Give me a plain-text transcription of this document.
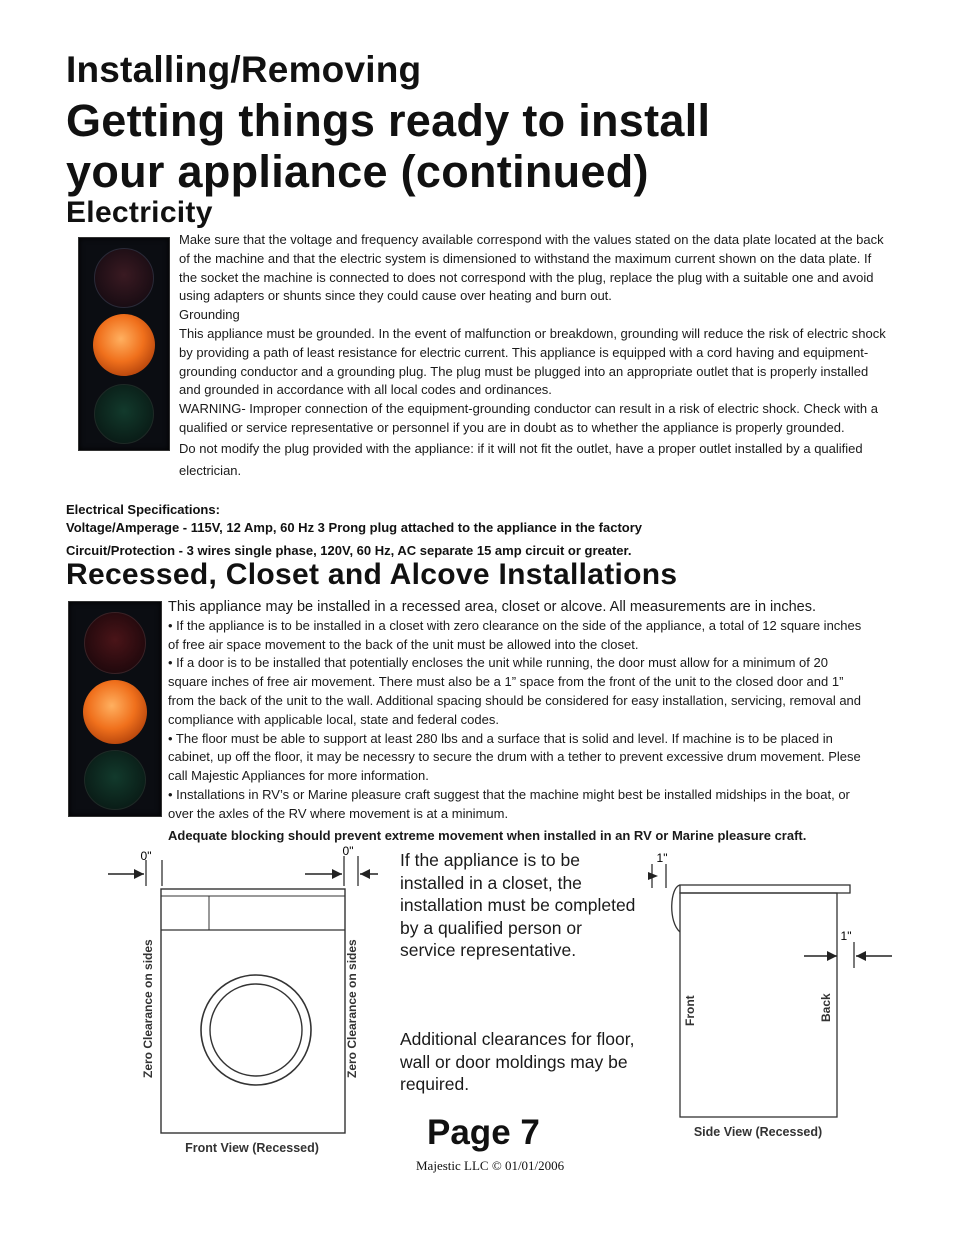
Installing/Removing
Getting things ready to install
your appliance (continued)
Electricity

Make sure that the voltage and frequency available correspond with the values stated on the data plate located at the back of the machine and that the electric system is dimensioned to withstand the maximum current shown on the data plate. If the socket the machine is connected to does not correspond with the plug, replace the plug with a suitable one and avoid using adapters or shunts since they could cause over heating and burn out.

Grounding

This appliance must be grounded. In the event of malfunction or breakdown, grounding will reduce the risk of electric shock by providing a path of least resistance for electric current. This appliance is equipped with a cord having and equipment-grounding conductor and a grounding plug. The plug must be plugged into an appropriate outlet that is properly installed and grounded in accordance with all local codes and ordinances.

WARNING- Improper connection of the equipment-grounding conductor can result in a risk of electric shock. Check with a qualified or service representative or personnel if you are in doubt as to whether the appliance is properly grounded.

Do not modify the plug provided with the appliance: if it will not fit the outlet, have a proper outlet installed by a qualified electrician.

Electrical Specifications:
Voltage/Amperage - 115V, 12 Amp, 60 Hz 3 Prong plug attached to the appliance in the factory
Circuit/Protection - 3 wires single phase, 120V, 60 Hz, AC separate 15 amp circuit or greater.
Recessed, Closet and Alcove Installations

This appliance may be installed in a recessed area, closet or alcove. All measurements are in inches.

• If the appliance is to be installed in a closet with zero clearance on the side of the appliance, a total of 12 square inches of free air space movement to the back of the unit must be allowed into the closet.

• If a door is to be installed that potentially encloses the unit while running, the door must allow for a minimum of 20 square inches of free air movement. There must also be a 1” space from the front of the unit to the closed door and 1” from the back of the unit to the wall. Additional spacing should be considered for easy installation, servicing, removal and compliance with applicable local, state and federal codes.

• The floor must be able to support at least 280 lbs and a surface that is solid and level. If machine is to be placed in cabinet, up off the floor, it may be necessry to secure the drum with a tether to prevent excessive drum movement. Plese call Majestic Appliances for more information.

• Installations in RV’s or Marine pleasure craft suggest that the machine might best be installed midships in the boat, or over the axles of the RV where movement is at a minimum.

Adequate blocking should prevent extreme movement when installed in an RV or Marine pleasure craft.

0"	0"
Zero Clearance on sides	Zero Clearance on sides
Front View (Recessed)

If the appliance is to be installed in a closet, the installation must be completed by a qualified person or service representative.

Additional clearances for floor, wall or door moldings may be required.

1"
1"
Front	Back
Side View (Recessed)
Page 7
Majestic LLC © 01/01/2006
